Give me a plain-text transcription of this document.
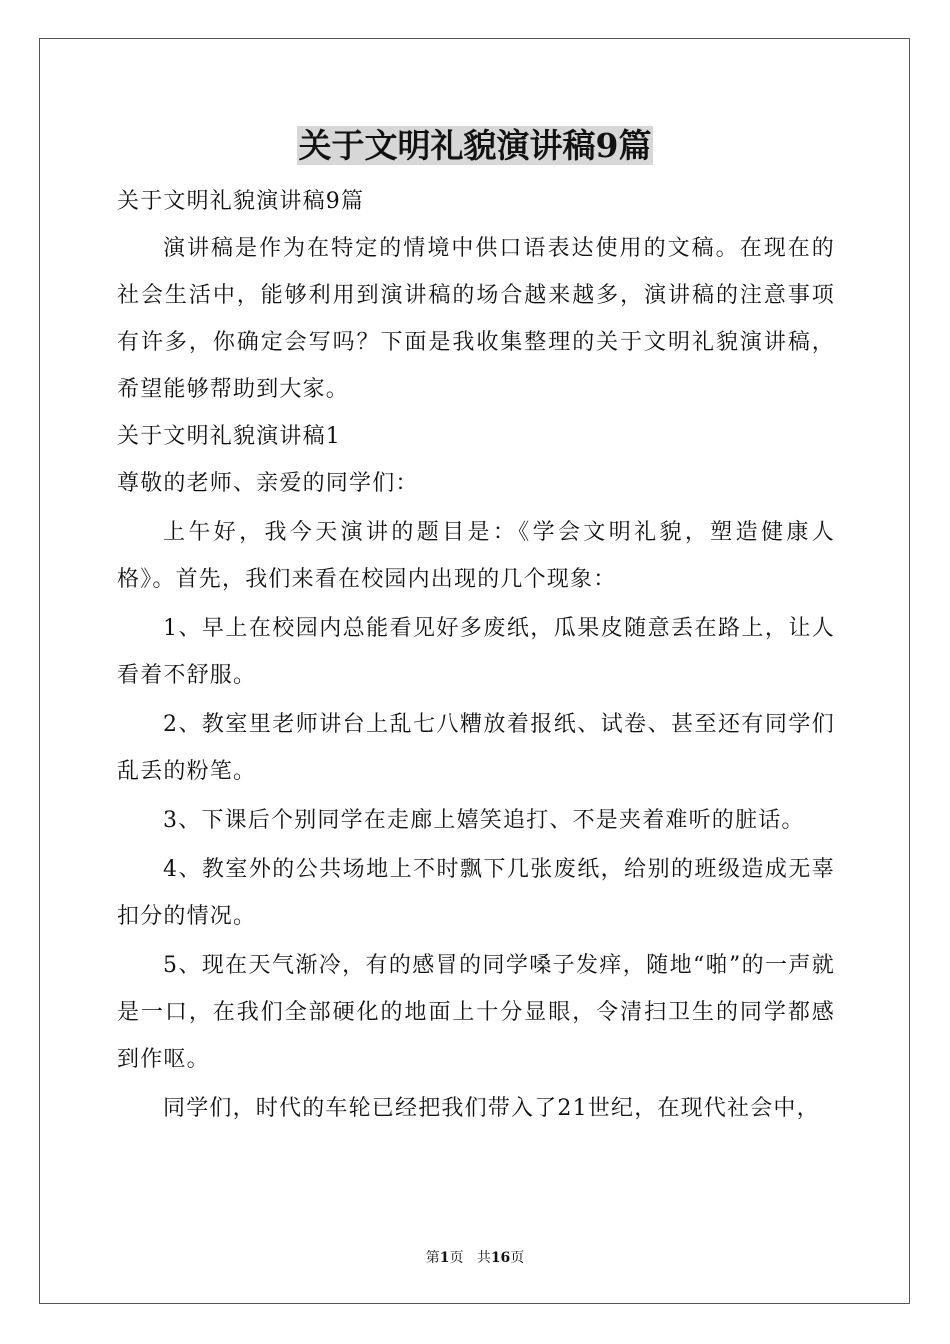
关于文明礼貌演讲稿9篇

关于文明礼貌演讲稿9篇

演讲稿是作为在特定的情境中供口语表达使用的文稿。在现在的社会生活中，能够利用到演讲稿的场合越来越多，演讲稿的注意事项有许多，你确定会写吗？下面是我收集整理的关于文明礼貌演讲稿，希望能够帮助到大家。

关于文明礼貌演讲稿1

尊敬的老师、亲爱的同学们：

上午好，我今天演讲的题目是：《学会文明礼貌，塑造健康人格》。首先，我们来看在校园内出现的几个现象：

1、早上在校园内总能看见好多废纸，瓜果皮随意丢在路上，让人看着不舒服。

2、教室里老师讲台上乱七八糟放着报纸、试卷、甚至还有同学们乱丢的粉笔。

3、下课后个别同学在走廊上嬉笑追打、不是夹着难听的脏话。

4、教室外的公共场地上不时飘下几张废纸，给别的班级造成无辜扣分的情况。

5、现在天气渐冷，有的感冒的同学嗓子发痒，随地“啪”的一声就是一口，在我们全部硬化的地面上十分显眼，令清扫卫生的同学都感到作呕。

同学们，时代的车轮已经把我们带入了21世纪，在现代社会中，

第1页 共16页
